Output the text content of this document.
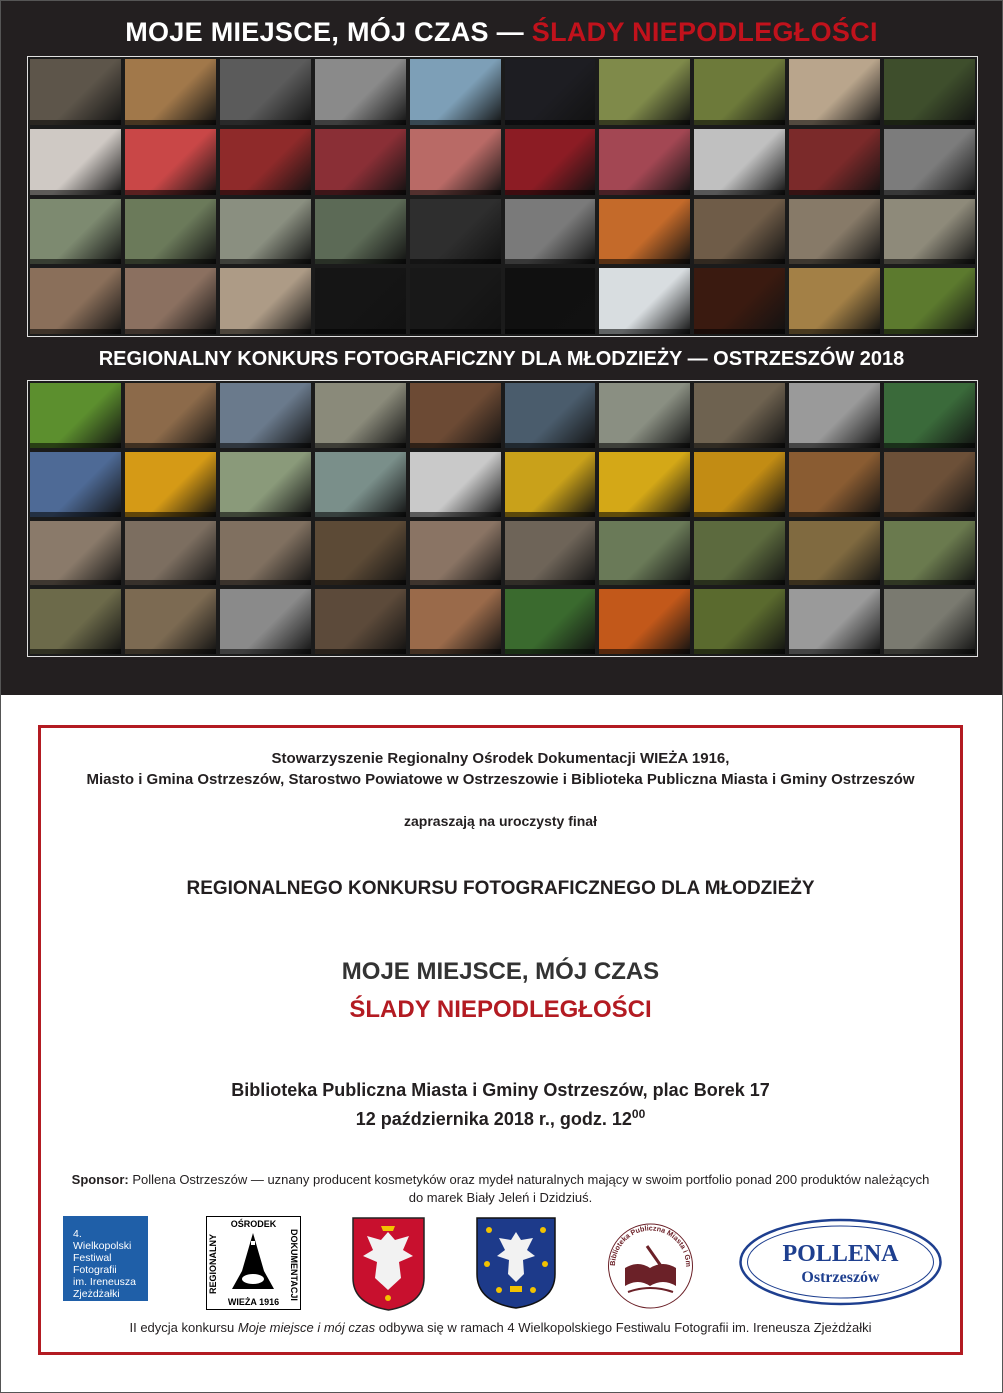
MOJE MIEJSCE, MÓJ CZAS — ŚLADY NIEPODLEGŁOŚCI
REGIONALNY KONKURS FOTOGRAFICZNY DLA MŁODZIEŻY — OSTRZESZÓW 2018
Stowarzyszenie Regionalny Ośrodek Dokumentacji WIEŻA 1916,
Miasto i Gmina Ostrzeszów, Starostwo Powiatowe w Ostrzeszowie i Biblioteka Publiczna Miasta i Gminy Ostrzeszów
zapraszają na uroczysty finał
REGIONALNEGO KONKURSU FOTOGRAFICZNEGO DLA MŁODZIEŻY
MOJE MIEJSCE, MÓJ CZAS
ŚLADY NIEPODLEGŁOŚCI
Biblioteka Publiczna Miasta i Gminy Ostrzeszów, plac Borek 17
12 października 2018 r., godz. $12^{00}$
Sponsor: Pollena Ostrzeszów — uznany producent kosmetyków oraz mydeł naturalnych mający w swoim portfolio ponad 200 produktów należących do marek Biały Jeleń i Dzidziuś.
4.
Wielkopolski
Festiwal
Fotografii
im. Ireneusza
Zjeżdżałki
OŚRODEK
REGIONALNY	DOKUMENTACJI
WIEŻA 1916
Biblioteka Publiczna Miasta i Gm	POLLENA
Ostrzeszów
II edycja konkursu Moje miejsce i mój czas odbywa się w ramach 4 Wielkopolskiego Festiwalu Fotografii im. Ireneusza Zjeżdżałki
